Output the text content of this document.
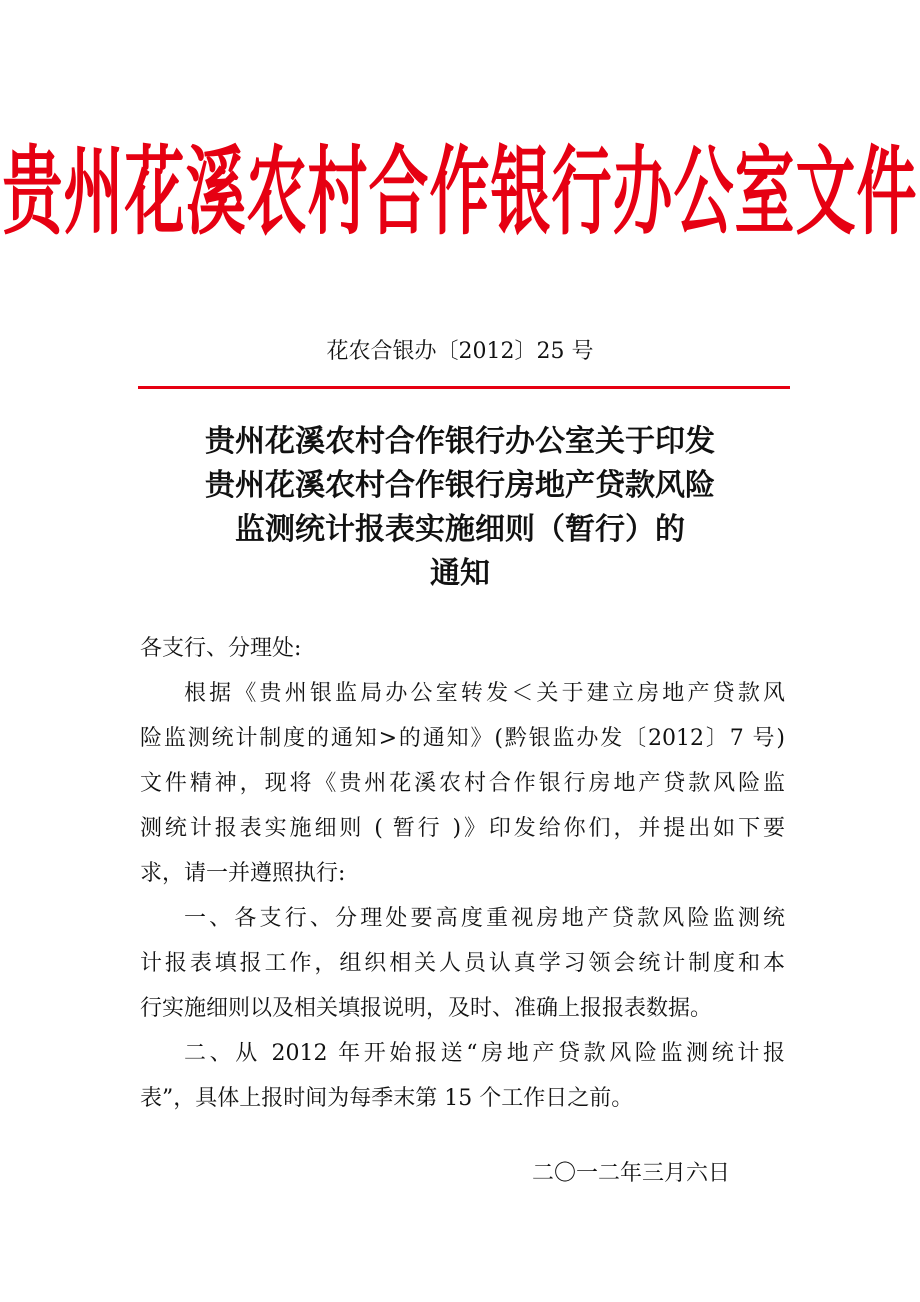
贵州花溪农村合作银行办公室文件
花农合银办〔2012〕25 号
贵州花溪农村合作银行办公室关于印发
贵州花溪农村合作银行房地产贷款风险
监测统计报表实施细则（暂行）的
通知
各支行、分理处:
根据《贵州银监局办公室转发＜关于建立房地产贷款风
险监测统计制度的通知>的通知》(黔银监办发〔2012〕7 号)
文件精神，现将《贵州花溪农村合作银行房地产贷款风险监
测统计报表实施细则 ( 暂行 )》印发给你们，并提出如下要
求，请一并遵照执行:
一、各支行、分理处要高度重视房地产贷款风险监测统
计报表填报工作，组织相关人员认真学习领会统计制度和本
行实施细则以及相关填报说明，及时、准确上报报表数据。
二、从 2012 年开始报送“房地产贷款风险监测统计报
表”，具体上报时间为每季末第 15 个工作日之前。
二〇一二年三月六日
